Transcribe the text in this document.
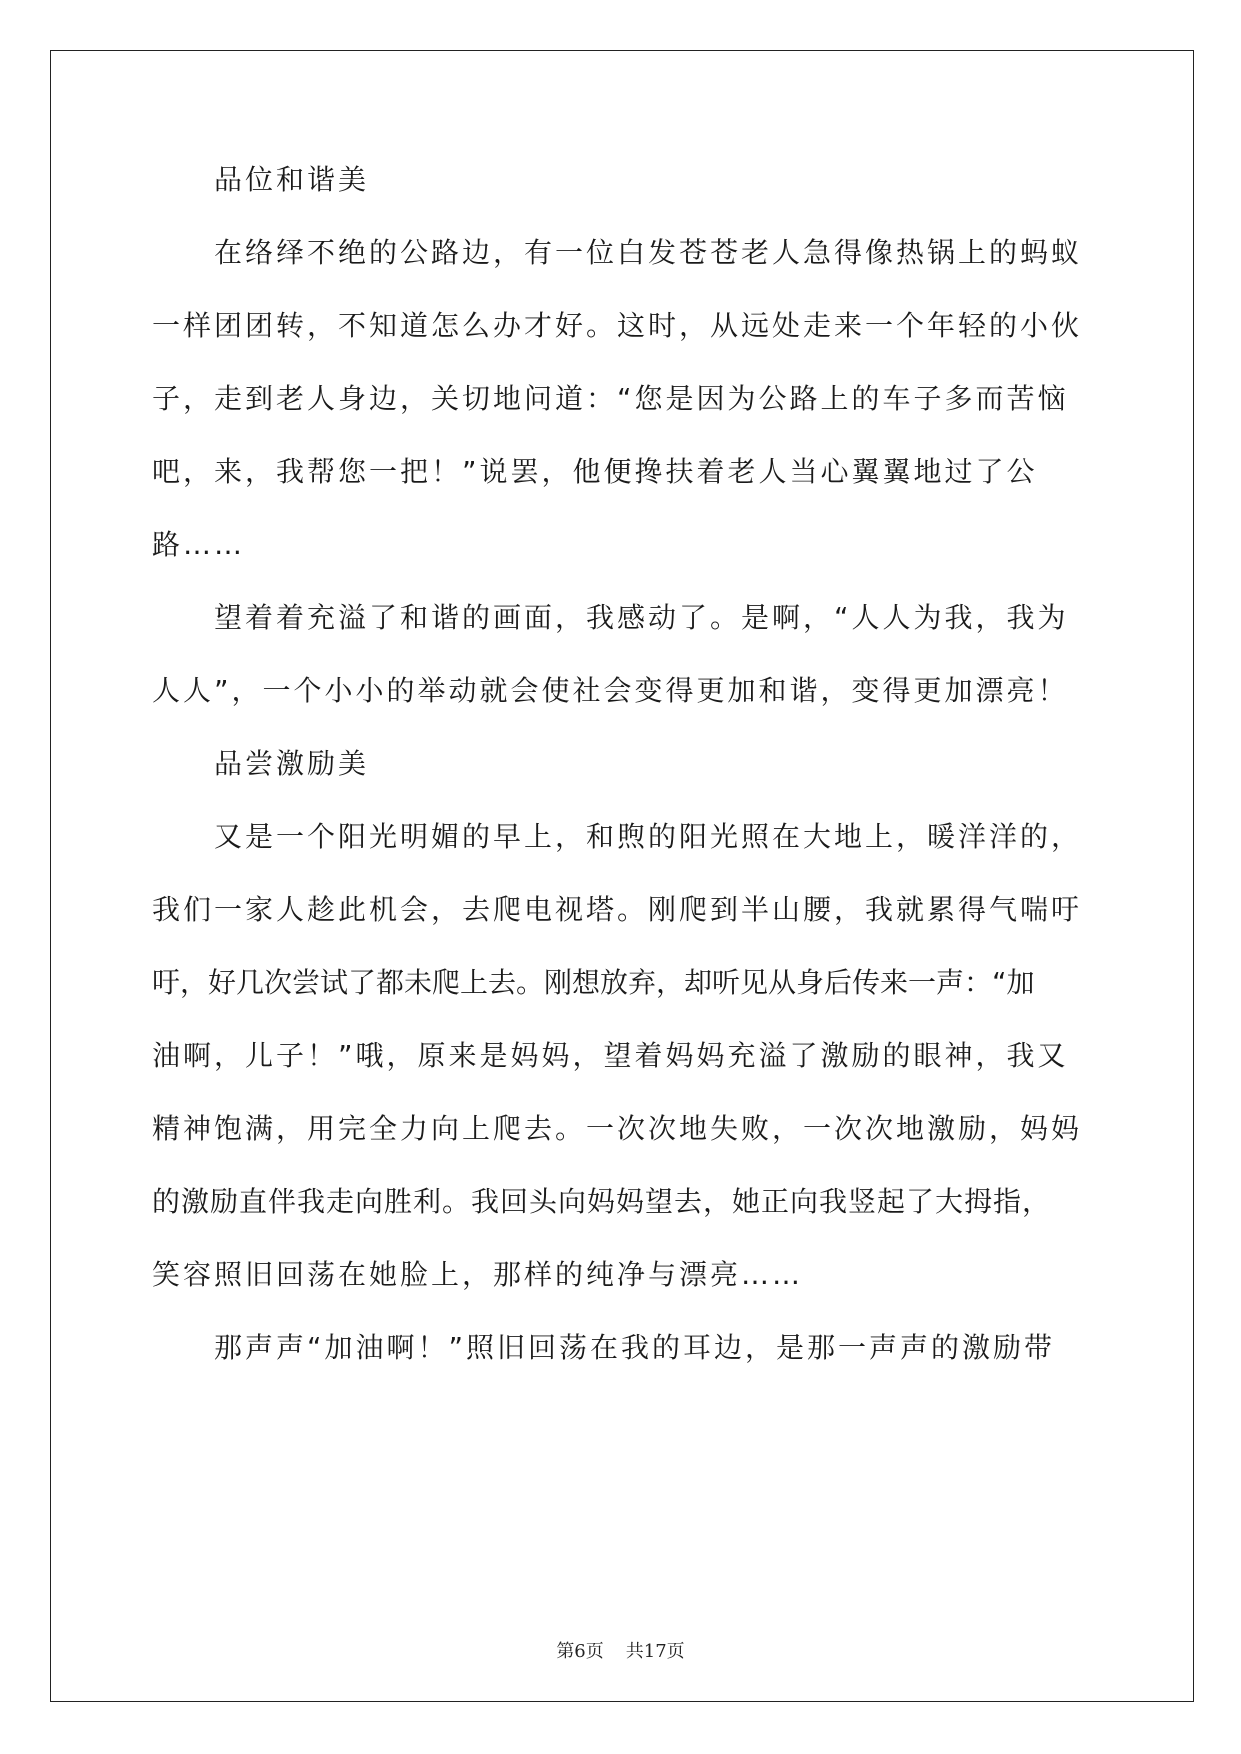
品位和谐美
在络绎不绝的公路边，有一位白发苍苍老人急得像热锅上的蚂蚁
一样团团转，不知道怎么办才好。这时，从远处走来一个年轻的小伙
子，走到老人身边，关切地问道：“您是因为公路上的车子多而苦恼
吧，来，我帮您一把！”说罢，他便搀扶着老人当心翼翼地过了公
路……
望着着充溢了和谐的画面，我感动了。是啊，“人人为我，我为
人人”，一个小小的举动就会使社会变得更加和谐，变得更加漂亮！
品尝激励美
又是一个阳光明媚的早上，和煦的阳光照在大地上，暖洋洋的，
我们一家人趁此机会，去爬电视塔。刚爬到半山腰，我就累得气喘吁
吁，好几次尝试了都未爬上去。刚想放弃，却听见从身后传来一声：“加
油啊，儿子！”哦，原来是妈妈，望着妈妈充溢了激励的眼神，我又
精神饱满，用完全力向上爬去。一次次地失败，一次次地激励，妈妈
的激励直伴我走向胜利。我回头向妈妈望去，她正向我竖起了大拇指，
笑容照旧回荡在她脸上，那样的纯净与漂亮……
那声声“加油啊！”照旧回荡在我的耳边，是那一声声的激励带
第6页 共17页
